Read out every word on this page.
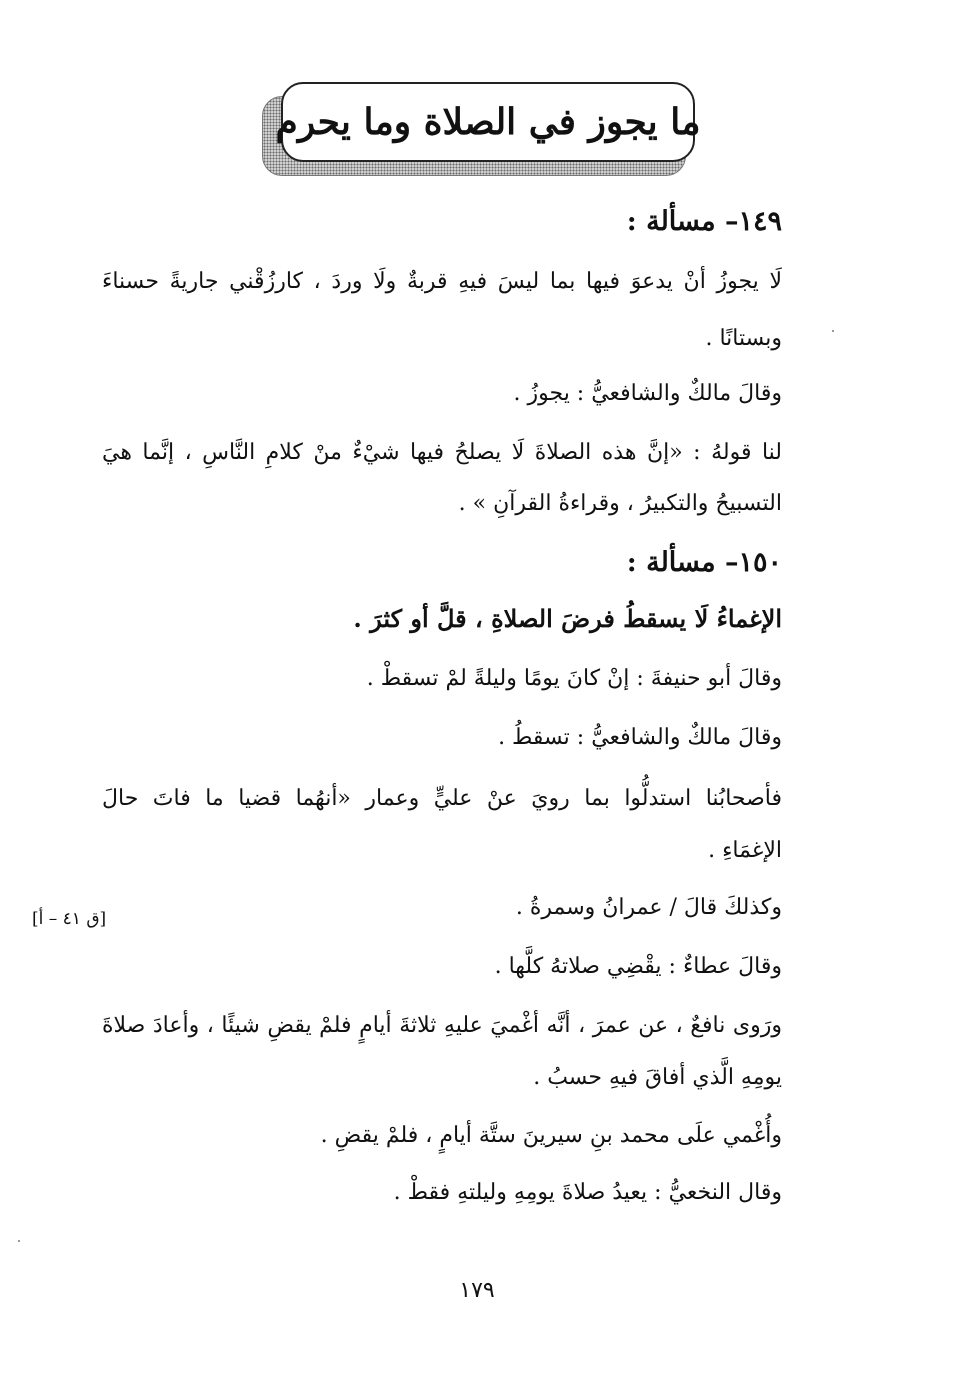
ما يجوز في الصلاة وما يحرم
١٤٩– مسألة :
لَا يجوزُ أنْ يدعوَ فيها بما ليسَ فيهِ قربةٌ ولَا وردَ ، كارزُقْني جاريةً حسناءَ
وبستانًا .
وقالَ مالكٌ والشافعيُّ : يجوزُ .
لنا قولهُ : «إنَّ هذه الصلاةَ لَا يصلحُ فيها شيْءٌ منْ كلامِ النَّاسِ ، إنَّما هيَ
التسبيحُ والتكبيرُ ، وقراءةُ القرآنِ » .
١٥٠– مسألة :
الإغماءُ لَا يسقطُ فرضَ الصلاةِ ، قلَّ أو كثرَ .
وقالَ أبو حنيفةَ : إنْ كانَ يومًا وليلةً لمْ تسقطْ .
وقالَ مالكٌ والشافعيُّ : تسقطُ .
فأصحابُنا استدلُّوا بما رويَ عنْ عليٍّ وعمار «أنهُما قضيا ما فاتَ حالَ
الإغمَاءِ .
وكذلكَ قالَ / عمرانُ وسمرةُ .
وقالَ عطاءٌ : يقْضِي صلاتهُ كلَّها .
ورَوى نافعٌ ، عن عمرَ ، أنَّه أغْميَ عليهِ ثلاثةَ أيامٍ فلمْ يقضِ شيئًا ، وأعادَ صلاةَ
يومِهِ الَّذي أفاقَ فيهِ حسبُ .
وأُغْمي علَى محمد بنِ سيرينَ ستَّة أيامٍ ، فلمْ يقضِ .
وقال النخعيُّ : يعيدُ صلاةَ يومِهِ وليلتهِ فقطْ .
[ق ٤١ – أ]
١٧٩
